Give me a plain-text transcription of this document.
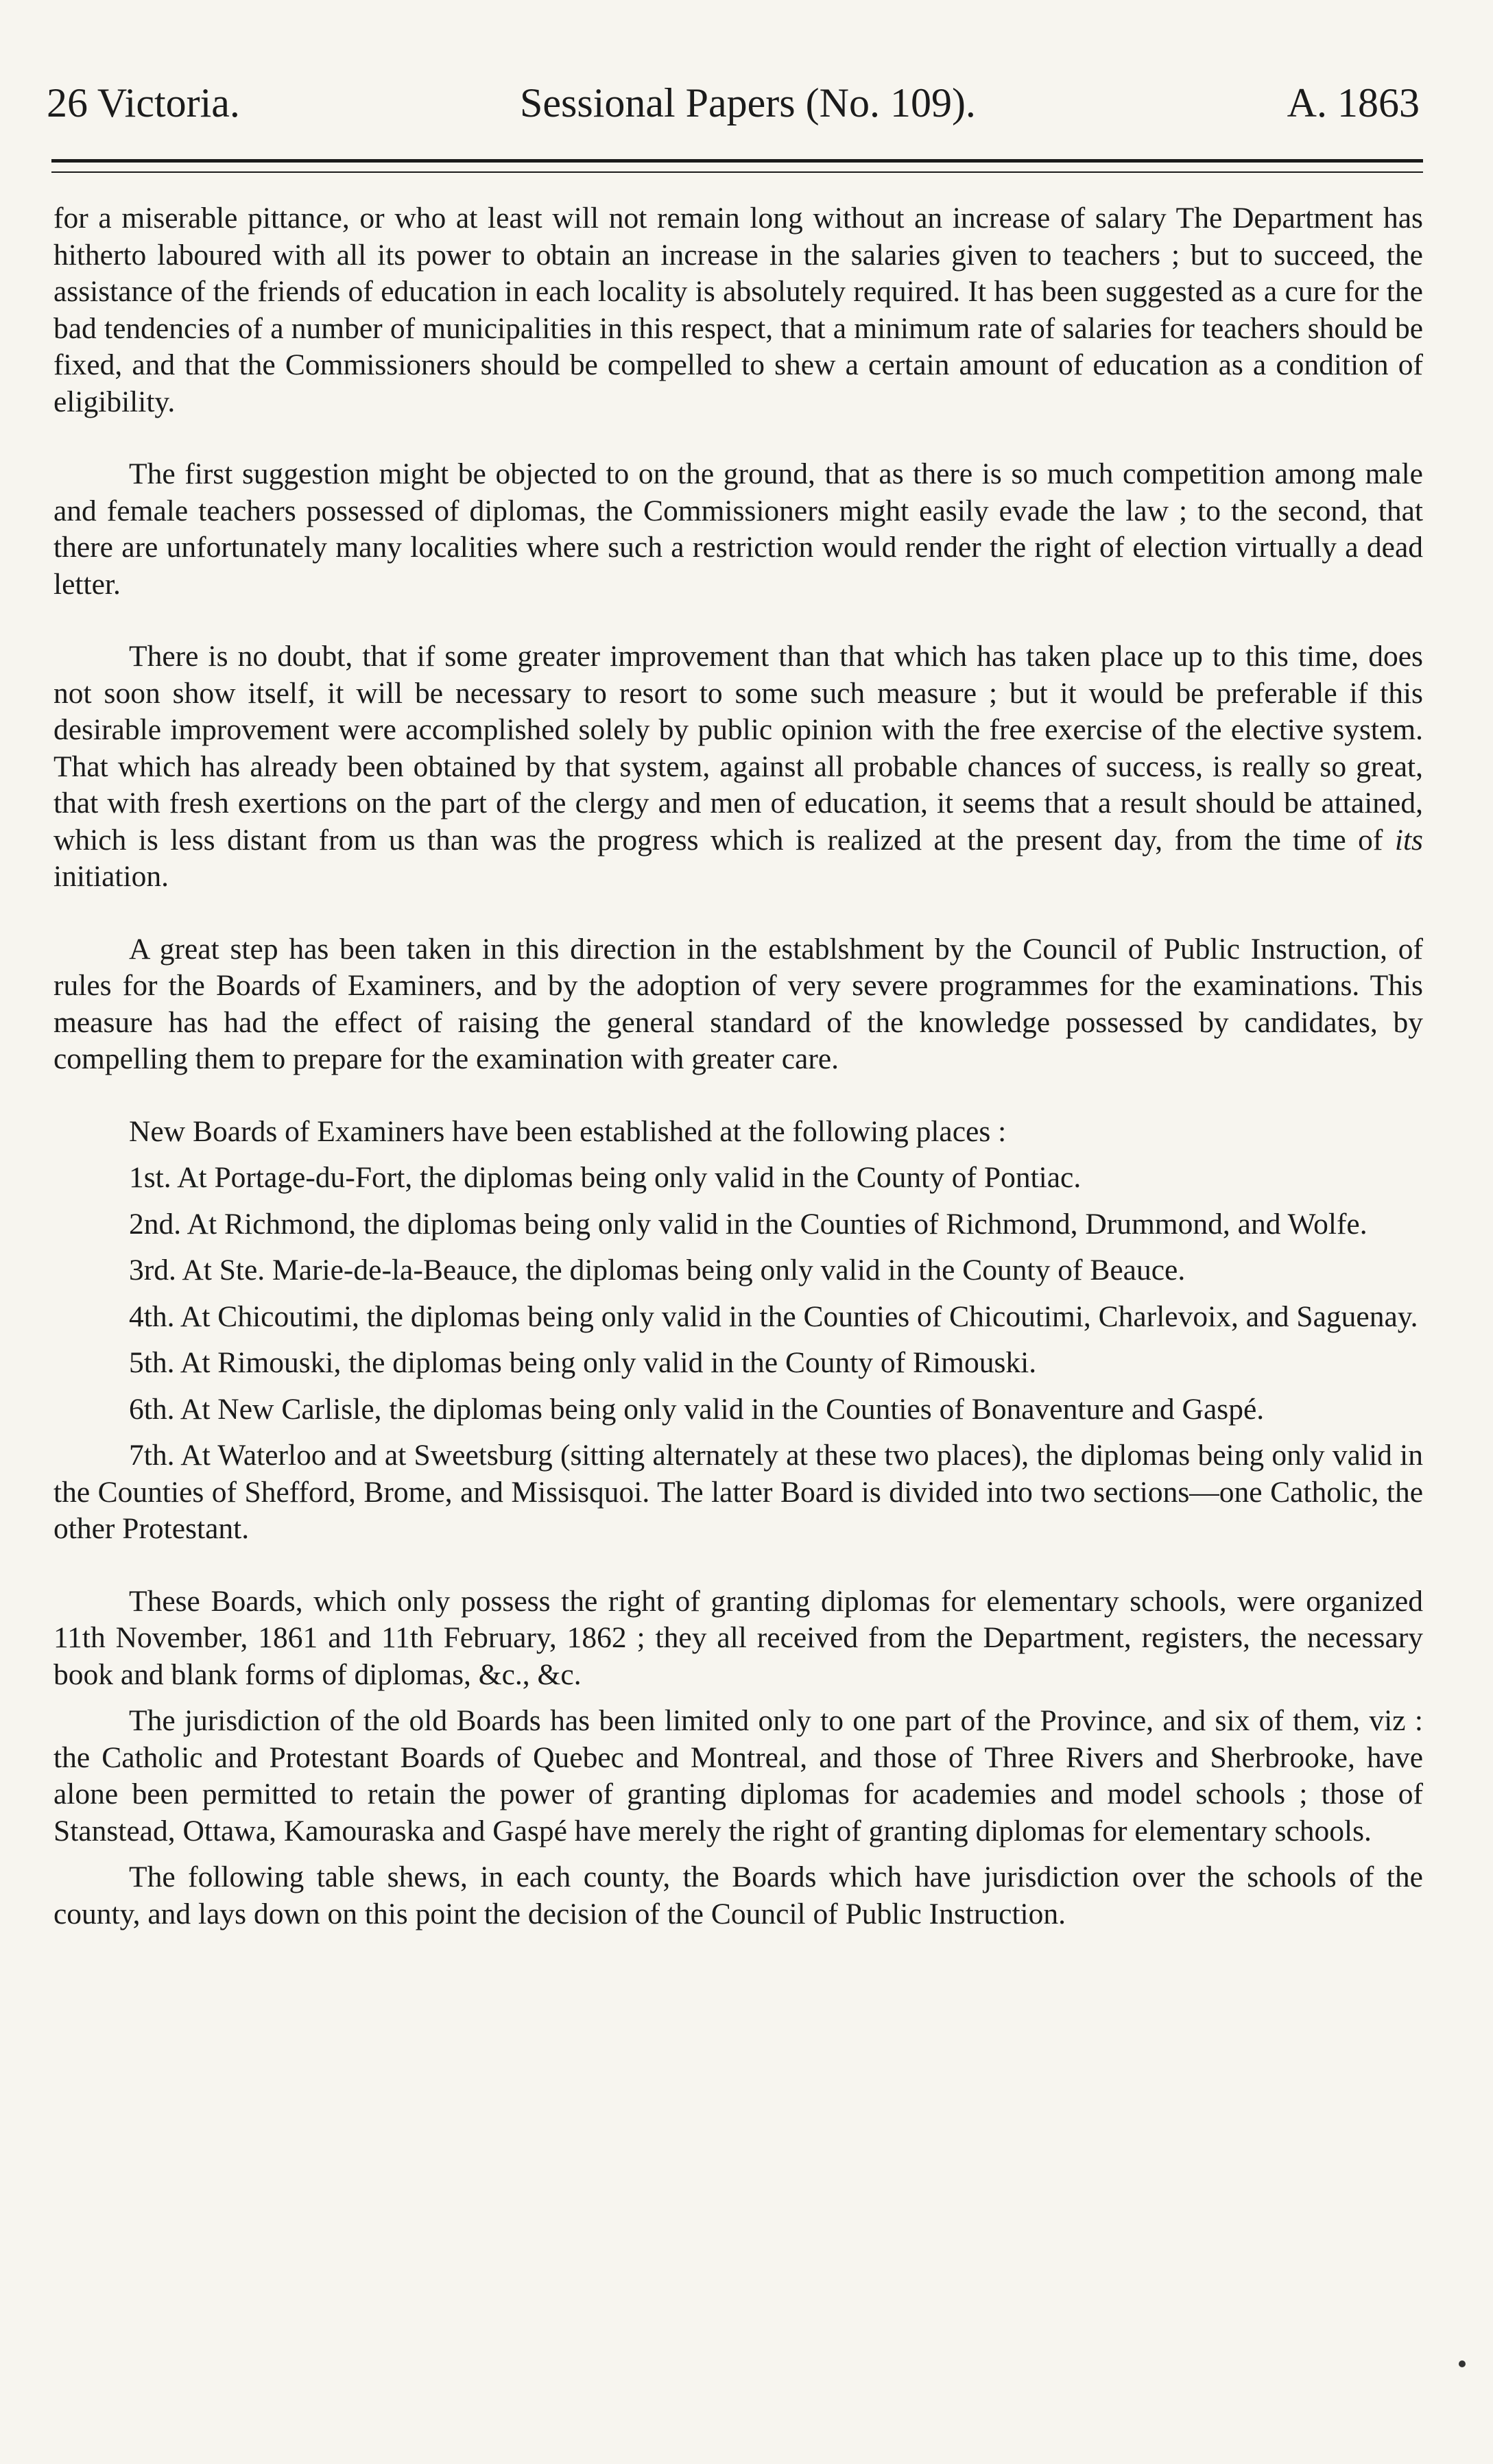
26 Victoria.	Sessional Papers (No. 109).	A. 1863

for a miserable pittance, or who at least will not remain long without an increase of salary The Department has hitherto laboured with all its power to obtain an increase in the salaries given to teachers ; but to succeed, the assistance of the friends of education in each locality is absolutely required. It has been suggested as a cure for the bad tendencies of a number of municipalities in this respect, that a minimum rate of salaries for teachers should be fixed, and that the Commissioners should be compelled to shew a certain amount of education as a condition of eligibility.

The first suggestion might be objected to on the ground, that as there is so much competition among male and female teachers possessed of diplomas, the Commissioners might easily evade the law ; to the second, that there are unfortunately many localities where such a restriction would render the right of election virtually a dead letter.

There is no doubt, that if some greater improvement than that which has taken place up to this time, does not soon show itself, it will be necessary to resort to some such measure ; but it would be preferable if this desirable improvement were accomplished solely by public opinion with the free exercise of the elective system. That which has already been obtained by that system, against all probable chances of success, is really so great, that with fresh exertions on the part of the clergy and men of education, it seems that a result should be attained, which is less distant from us than was the progress which is realized at the present day, from the time of its initiation.

A great step has been taken in this direction in the establshment by the Council of Public Instruction, of rules for the Boards of Examiners, and by the adoption of very severe programmes for the examinations. This measure has had the effect of raising the general standard of the knowledge possessed by candidates, by compelling them to prepare for the examination with greater care.

New Boards of Examiners have been established at the following places :

1st. At Portage-du-Fort, the diplomas being only valid in the County of Pontiac.

2nd. At Richmond, the diplomas being only valid in the Counties of Richmond, Drummond, and Wolfe.

3rd. At Ste. Marie-de-la-Beauce, the diplomas being only valid in the County of Beauce.

4th. At Chicoutimi, the diplomas being only valid in the Counties of Chicoutimi, Charlevoix, and Saguenay.

5th. At Rimouski, the diplomas being only valid in the County of Rimouski.

6th. At New Carlisle, the diplomas being only valid in the Counties of Bonaventure and Gaspé.

7th. At Waterloo and at Sweetsburg (sitting alternately at these two places), the diplomas being only valid in the Counties of Shefford, Brome, and Missisquoi. The latter Board is divided into two sections—one Catholic, the other Protestant.

These Boards, which only possess the right of granting diplomas for elementary schools, were organized 11th November, 1861 and 11th February, 1862 ; they all received from the Department, registers, the necessary book and blank forms of diplomas, &c., &c.

The jurisdiction of the old Boards has been limited only to one part of the Province, and six of them, viz : the Catholic and Protestant Boards of Quebec and Montreal, and those of Three Rivers and Sherbrooke, have alone been permitted to retain the power of granting diplomas for academies and model schools ; those of Stanstead, Ottawa, Kamouraska and Gaspé have merely the right of granting diplomas for elementary schools.

The following table shews, in each county, the Boards which have jurisdiction over the schools of the county, and lays down on this point the decision of the Council of Public Instruction.
